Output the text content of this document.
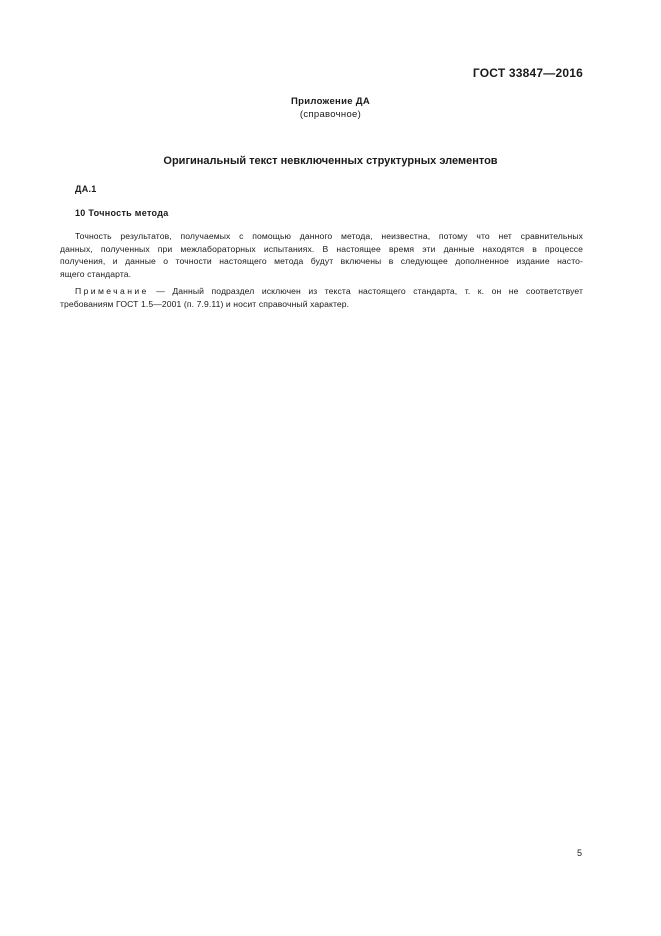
ГОСТ 33847—2016
Приложение ДА
(справочное)
Оригинальный текст невключенных структурных элементов
ДА.1
10 Точность метода
Точность результатов, получаемых с помощью данного метода, неизвестна, потому что нет сравнительных
данных, полученных при межлабораторных испытаниях. В настоящее время эти данные находятся в процессе
получения, и данные о точности настоящего метода будут включены в следующее дополненное издание насто-
ящего стандарта.
Примечание — Данный подраздел исключен из текста настоящего стандарта, т. к. он не соответствует
требованиям ГОСТ 1.5—2001 (п. 7.9.11) и носит справочный характер.
5
